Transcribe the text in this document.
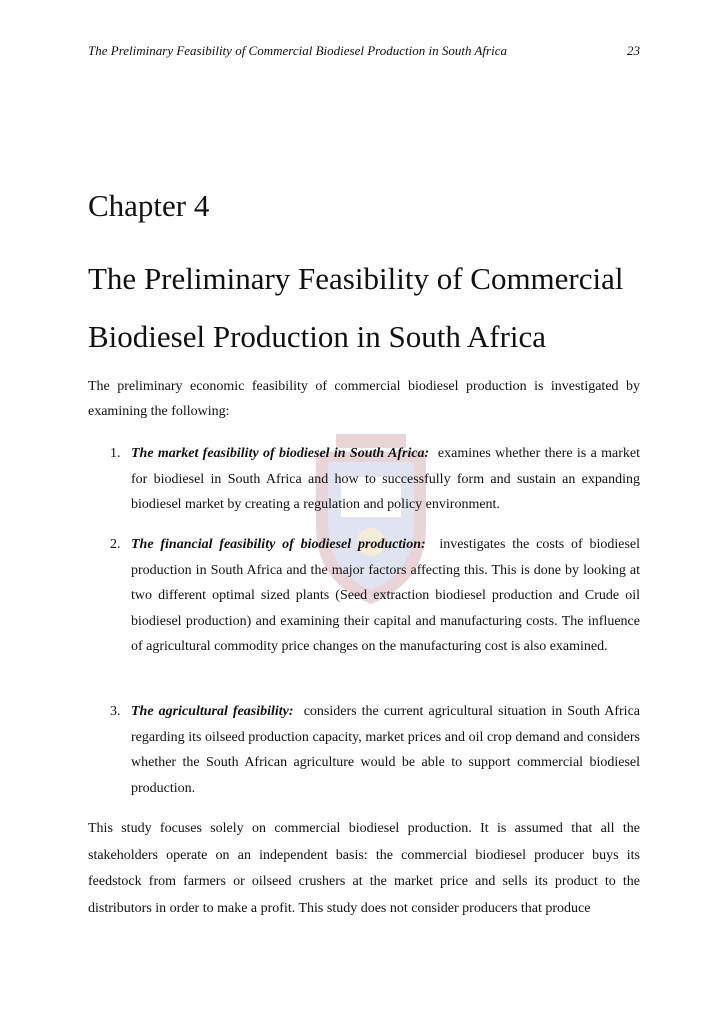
The Preliminary Feasibility of Commercial Biodiesel Production in South Africa	23
Chapter 4
The Preliminary Feasibility of Commercial Biodiesel Production in South Africa
The preliminary economic feasibility of commercial biodiesel production is investigated by examining the following:
1. The market feasibility of biodiesel in South Africa: examines whether there is a market for biodiesel in South Africa and how to successfully form and sustain an expanding biodiesel market by creating a regulation and policy environment.
2. The financial feasibility of biodiesel production: investigates the costs of biodiesel production in South Africa and the major factors affecting this. This is done by looking at two different optimal sized plants (Seed extraction biodiesel production and Crude oil biodiesel production) and examining their capital and manufacturing costs. The influence of agricultural commodity price changes on the manufacturing cost is also examined.
3. The agricultural feasibility: considers the current agricultural situation in South Africa regarding its oilseed production capacity, market prices and oil crop demand and considers whether the South African agriculture would be able to support commercial biodiesel production.
This study focuses solely on commercial biodiesel production. It is assumed that all the stakeholders operate on an independent basis: the commercial biodiesel producer buys its feedstock from farmers or oilseed crushers at the market price and sells its product to the distributors in order to make a profit. This study does not consider producers that produce
